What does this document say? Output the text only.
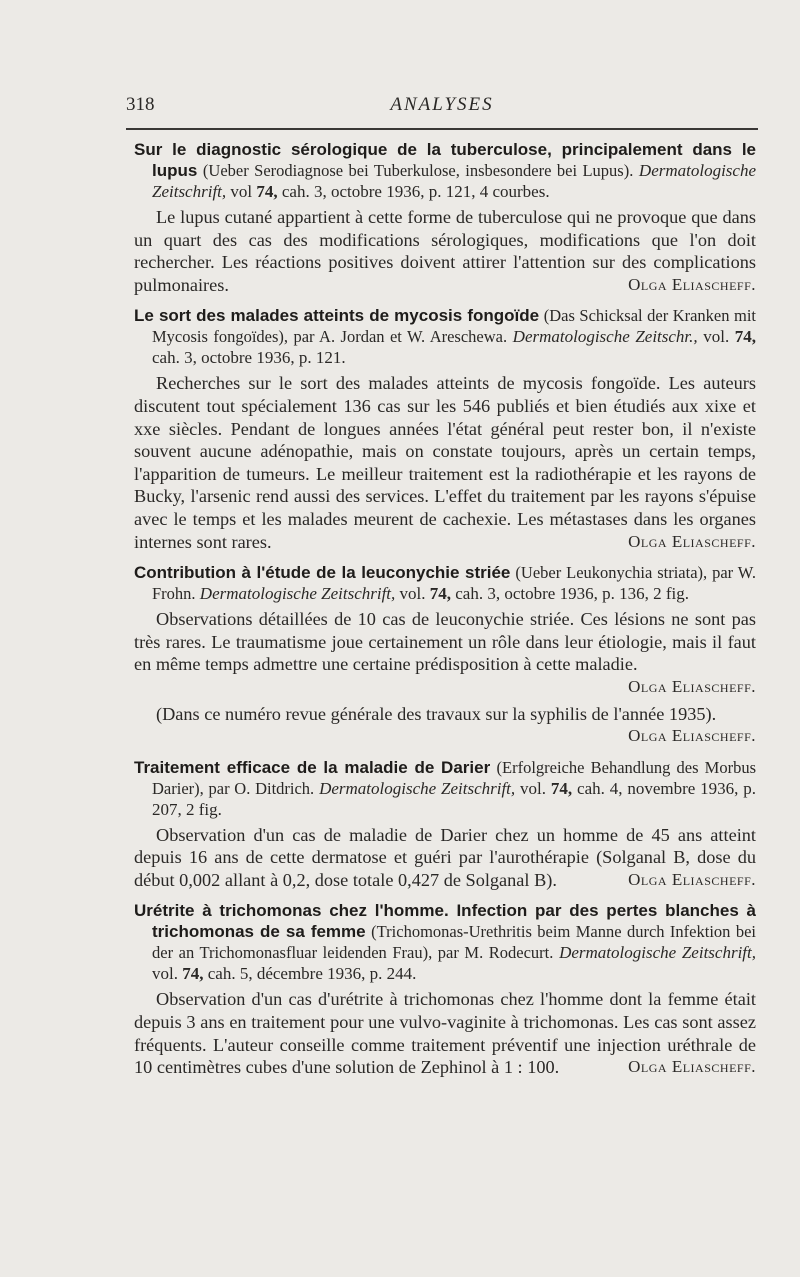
318	ANALYSES

Sur le diagnostic sérologique de la tuberculose, principalement dans le lupus (Ueber Serodiagnose bei Tuberkulose, insbesondere bei Lupus). Dermatologische Zeitschrift, vol 74, cah. 3, octobre 1936, p. 121, 4 courbes.

Le lupus cutané appartient à cette forme de tuberculose qui ne provoque que dans un quart des cas des modifications sérologiques, modifications que l'on doit rechercher. Les réactions positives doivent attirer l'attention sur des complications pulmonaires.	Olga Eliascheff.

Le sort des malades atteints de mycosis fongoïde (Das Schicksal der Kranken mit Mycosis fongoïdes), par A. Jordan et W. Areschewa. Dermatologische Zeitschr., vol. 74, cah. 3, octobre 1936, p. 121.

Recherches sur le sort des malades atteints de mycosis fongoïde. Les auteurs discutent tout spécialement 136 cas sur les 546 publiés et bien étudiés aux xixe et xxe siècles. Pendant de longues années l'état général peut rester bon, il n'existe souvent aucune adénopathie, mais on constate toujours, après un certain temps, l'apparition de tumeurs. Le meilleur traitement est la radiothérapie et les rayons de Bucky, l'arsenic rend aussi des services. L'effet du traitement par les rayons s'épuise avec le temps et les malades meurent de cachexie. Les métastases dans les organes internes sont rares.	Olga Eliascheff.

Contribution à l'étude de la leuconychie striée (Ueber Leukonychia striata), par W. Frohn. Dermatologische Zeitschrift, vol. 74, cah. 3, octobre 1936, p. 136, 2 fig.

Observations détaillées de 10 cas de leuconychie striée. Ces lésions ne sont pas très rares. Le traumatisme joue certainement un rôle dans leur étiologie, mais il faut en même temps admettre une certaine prédisposition à cette maladie.
Olga Eliascheff.

(Dans ce numéro revue générale des travaux sur la syphilis de l'année 1935).
Olga Eliascheff.

Traitement efficace de la maladie de Darier (Erfolgreiche Behandlung des Morbus Darier), par O. Ditdrich. Dermatologische Zeitschrift, vol. 74, cah. 4, novembre 1936, p. 207, 2 fig.

Observation d'un cas de maladie de Darier chez un homme de 45 ans atteint depuis 16 ans de cette dermatose et guéri par l'aurothérapie (Solganal B, dose du début 0,002 allant à 0,2, dose totale 0,427 de Solganal B).	Olga Eliascheff.

Urétrite à trichomonas chez l'homme. Infection par des pertes blanches à trichomonas de sa femme (Trichomonas-Urethritis beim Manne durch Infektion bei der an Trichomonasfluar leidenden Frau), par M. Rodecurt. Dermatologische Zeitschrift, vol. 74, cah. 5, décembre 1936, p. 244.

Observation d'un cas d'urétrite à trichomonas chez l'homme dont la femme était depuis 3 ans en traitement pour une vulvo-vaginite à trichomonas. Les cas sont assez fréquents. L'auteur conseille comme traitement préventif une injection uréthrale de 10 centimètres cubes d'une solution de Zephinol à 1 : 100.	Olga Eliascheff.
